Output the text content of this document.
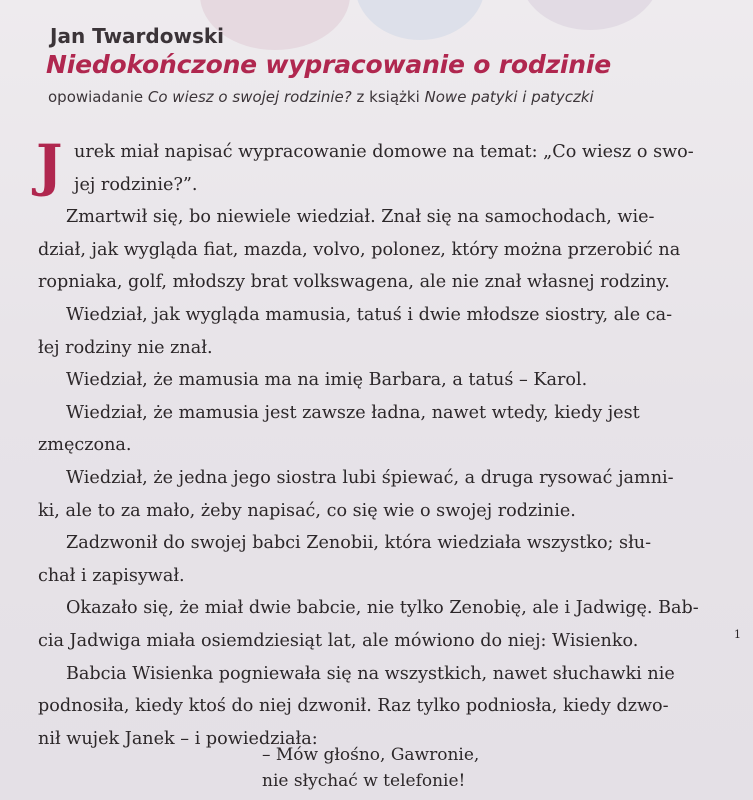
Jan Twardowski
Niedokończone wypracowanie o rodzinie

opowiadanie Co wiesz o swojej rodzinie? z książki Nowe patyki i patyczki

J urek miał napisać wypracowanie domowe na temat: „Co wiesz o swo-
jej rodzinie?”.
Zmartwił się, bo niewiele wiedział. Znał się na samochodach, wie-
dział, jak wygląda fiat, mazda, volvo, polonez, który można przerobić na
ropniaka, golf, młodszy brat volkswagena, ale nie znał własnej rodziny.
Wiedział, jak wygląda mamusia, tatuś i dwie młodsze siostry, ale ca-
łej rodziny nie znał.
Wiedział, że mamusia ma na imię Barbara, a tatuś – Karol.
Wiedział, że mamusia jest zawsze ładna, nawet wtedy, kiedy jest
zmęczona.
Wiedział, że jedna jego siostra lubi śpiewać, a druga rysować jamni-
ki, ale to za mało, żeby napisać, co się wie o swojej rodzinie.
Zadzwonił do swojej babci Zenobii, która wiedziała wszystko; słu-
chał i zapisywał.
Okazało się, że miał dwie babcie, nie tylko Zenobię, ale i Jadwigę. Bab-
cia Jadwiga miała osiemdziesiąt lat, ale mówiono do niej: Wisienko.
Babcia Wisienka pogniewała się na wszystkich, nawet słuchawki nie
podnosiła, kiedy ktoś do niej dzwonił. Raz tylko podniosła, kiedy dzwo-
nił wujek Janek – i powiedziała:
1
– Mów głośno, Gawronie,
nie słychać w telefonie!
